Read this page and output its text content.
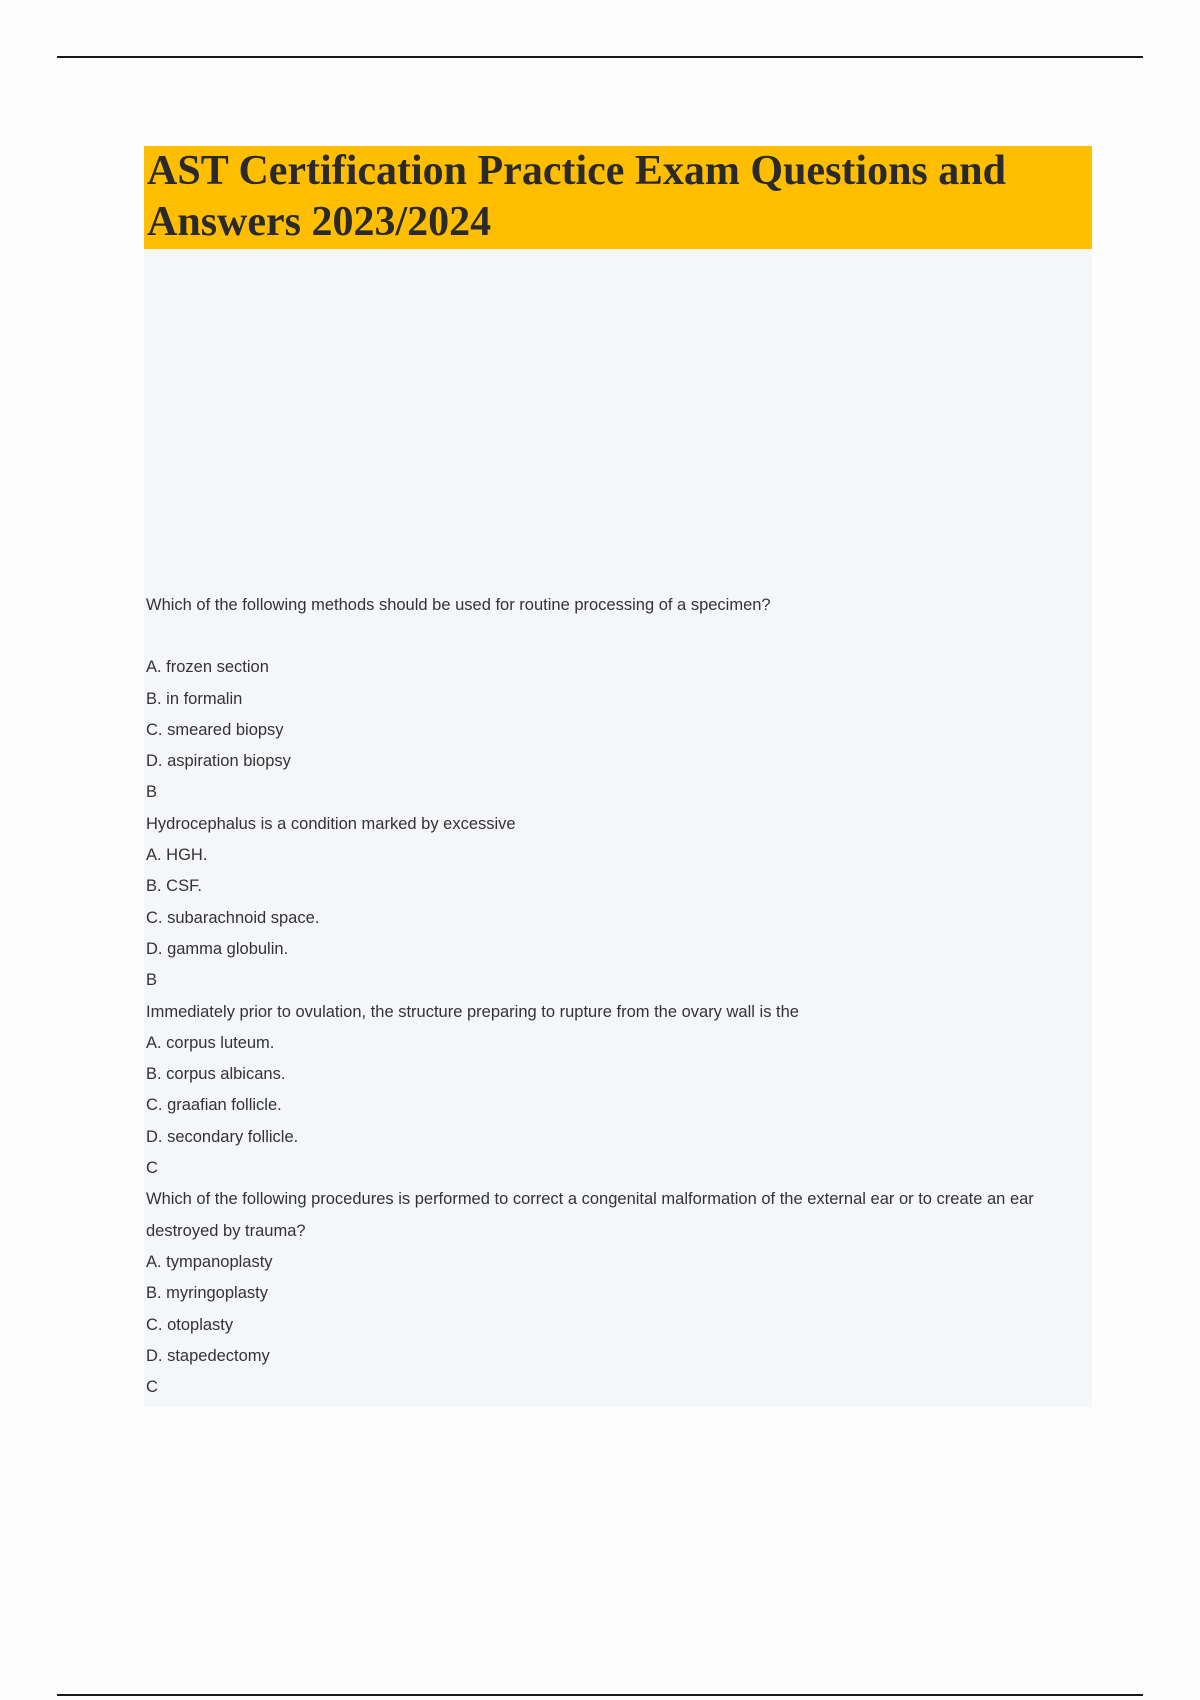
AST Certification Practice Exam Questions and Answers 2023/2024
Which of the following methods should be used for routine processing of a specimen?
A. frozen section
B. in formalin
C. smeared biopsy
D. aspiration biopsy
B
Hydrocephalus is a condition marked by excessive
A. HGH.
B. CSF.
C. subarachnoid space.
D. gamma globulin.
B
Immediately prior to ovulation, the structure preparing to rupture from the ovary wall is the
A. corpus luteum.
B. corpus albicans.
C. graafian follicle.
D. secondary follicle.
C
Which of the following procedures is performed to correct a congenital malformation of the external ear or to create an ear destroyed by trauma?
A. tympanoplasty
B. myringoplasty
C. otoplasty
D. stapedectomy
C
